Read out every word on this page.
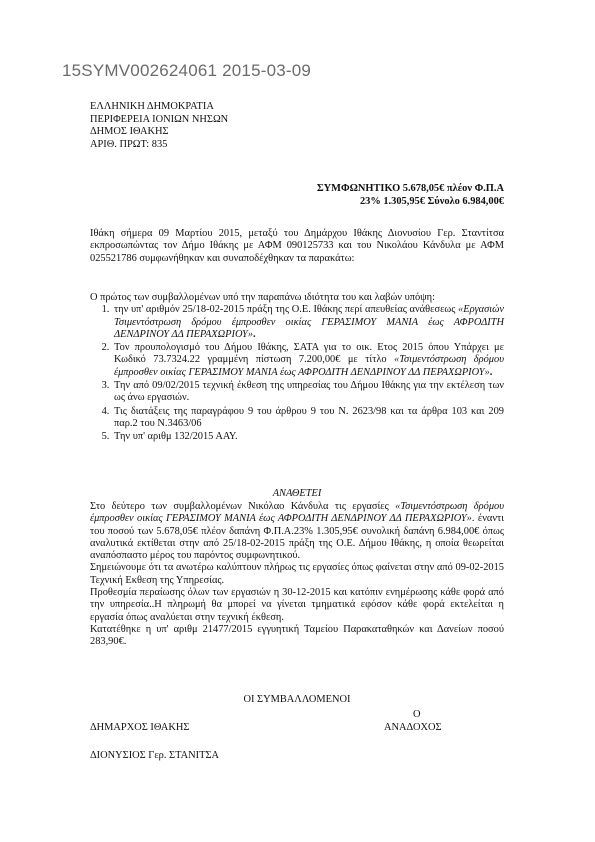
15SYMV002624061 2015-03-09
ΕΛΛΗΝΙΚΗ ΔΗΜΟΚΡΑΤΙΑ
ΠΕΡΙΦΕΡΕΙΑ ΙΟΝΙΩΝ ΝΗΣΩΝ
ΔΗΜΟΣ ΙΘΑΚΗΣ
ΑΡΙΘ. ΠΡΩΤ: 835
ΣΥΜΦΩΝΗΤΙΚΟ 5.678,05€ πλέον Φ.Π.Α
23% 1.305,95€ Σύνολο 6.984,00€
Ιθάκη σήμερα 09 Μαρτίου 2015, μεταξύ του Δημάρχου Ιθάκης Διονυσίου Γερ. Σταντίτσα εκπροσωπώντας τον Δήμο Ιθάκης με ΑΦΜ 090125733 και του Νικολάου Κάνδυλα με ΑΦΜ 025521786 συμφωνήθηκαν και συναποδέχθηκαν τα παρακάτω:
Ο πρώτος των συμβαλλομένων υπό την παραπάνω ιδιότητα του και λαβών υπόψη:
1. την υπ' αριθμόν 25/18-02-2015 πράξη της Ο.Ε. Ιθάκης περί απευθείας ανάθεσεως «Εργασιών Τσιμεντόστρωση δρόμου έμπροσθεν οικίας ΓΕΡΑΣΙΜΟΥ ΜΑΝΙΑ έως ΑΦΡΟΔΙΤΗ ΔΕΝΔΡΙΝΟΥ ΔΔ ΠΕΡΑΧΩΡΙΟΥ».
2. Τον προυπολογισμό του Δήμου Ιθάκης, ΣΑΤΑ για το οικ. Ετος 2015 όπου Υπάρχει με Κωδικό 73.7324.22 γραμμένη πίστωση 7.200,00€ με τίτλο «Τσιμεντόστρωση δρόμου έμπροσθεν οικίας ΓΕΡΑΣΙΜΟΥ ΜΑΝΙΑ έως ΑΦΡΟΔΙΤΗ ΔΕΝΔΡΙΝΟΥ ΔΔ ΠΕΡΑΧΩΡΙΟΥ».
3. Την από 09/02/2015 τεχνική έκθεση της υπηρεσίας του Δήμου Ιθάκης για την εκτέλεση των ως άνω εργασιών.
4. Τις διατάξεις της παραγράφου 9 του άρθρου 9 του Ν. 2623/98 και τα άρθρα 103 και 209 παρ.2 του Ν.3463/06
5. Την υπ' αριθμ 132/2015 ΑΑΥ.
ΑΝΑΘΕΤΕΙ

Στο δεύτερο των συμβαλλομένων Νικόλαο Κάνδυλα τις εργασίες «Τσιμεντόστρωση δρόμου έμπροσθεν οικίας ΓΕΡΑΣΙΜΟΥ ΜΑΝΙΑ έως ΑΦΡΟΔΙΤΗ ΔΕΝΔΡΙΝΟΥ ΔΔ ΠΕΡΑΧΩΡΙΟΥ». έναντι του ποσού των 5.678,05€ πλέον δαπάνη Φ.Π.Α.23% 1.305,95€ συνολική δαπάνη 6.984,00€ όπως αναλυτικά εκτίθεται στην από 25/18-02-2015 πράξη της Ο.Ε. Δήμου Ιθάκης, η οποία θεωρείται αναπόσπαστο μέρος του παρόντος συμφωνητικού.

Σημειώνουμε ότι τα ανωτέρω καλύπτουν πλήρως τις εργασίες όπως φαίνεται στην από 09-02-2015 Τεχνική Εκθεση της Υπηρεσίας.

Προθεσμία περαίωσης όλων των εργασιών η 30-12-2015 και κατόπιν ενημέρωσης κάθε φορά από την υπηρεσία..Η πληρωμή θα μπορεί να γίνεται τμηματικά εφόσον κάθε φορά εκτελείται η εργασία όπως αναλύεται στην τεχνική έκθεση.

Κατατέθηκε η υπ' αριθμ 21477/2015 εγγυητική Ταμείου Παρακαταθηκών και Δανείων ποσού 283,90€.

ΟΙ ΣΥΜΒΑΛΛΟΜΕΝΟΙ
Ο
ΔΗΜΑΡΧΟΣ ΙΘΑΚΗΣ	ΑΝΑΔΟΧΟΣ
ΔΙΟΝΥΣΙΟΣ Γερ. ΣΤΑΝΙΤΣΑ
